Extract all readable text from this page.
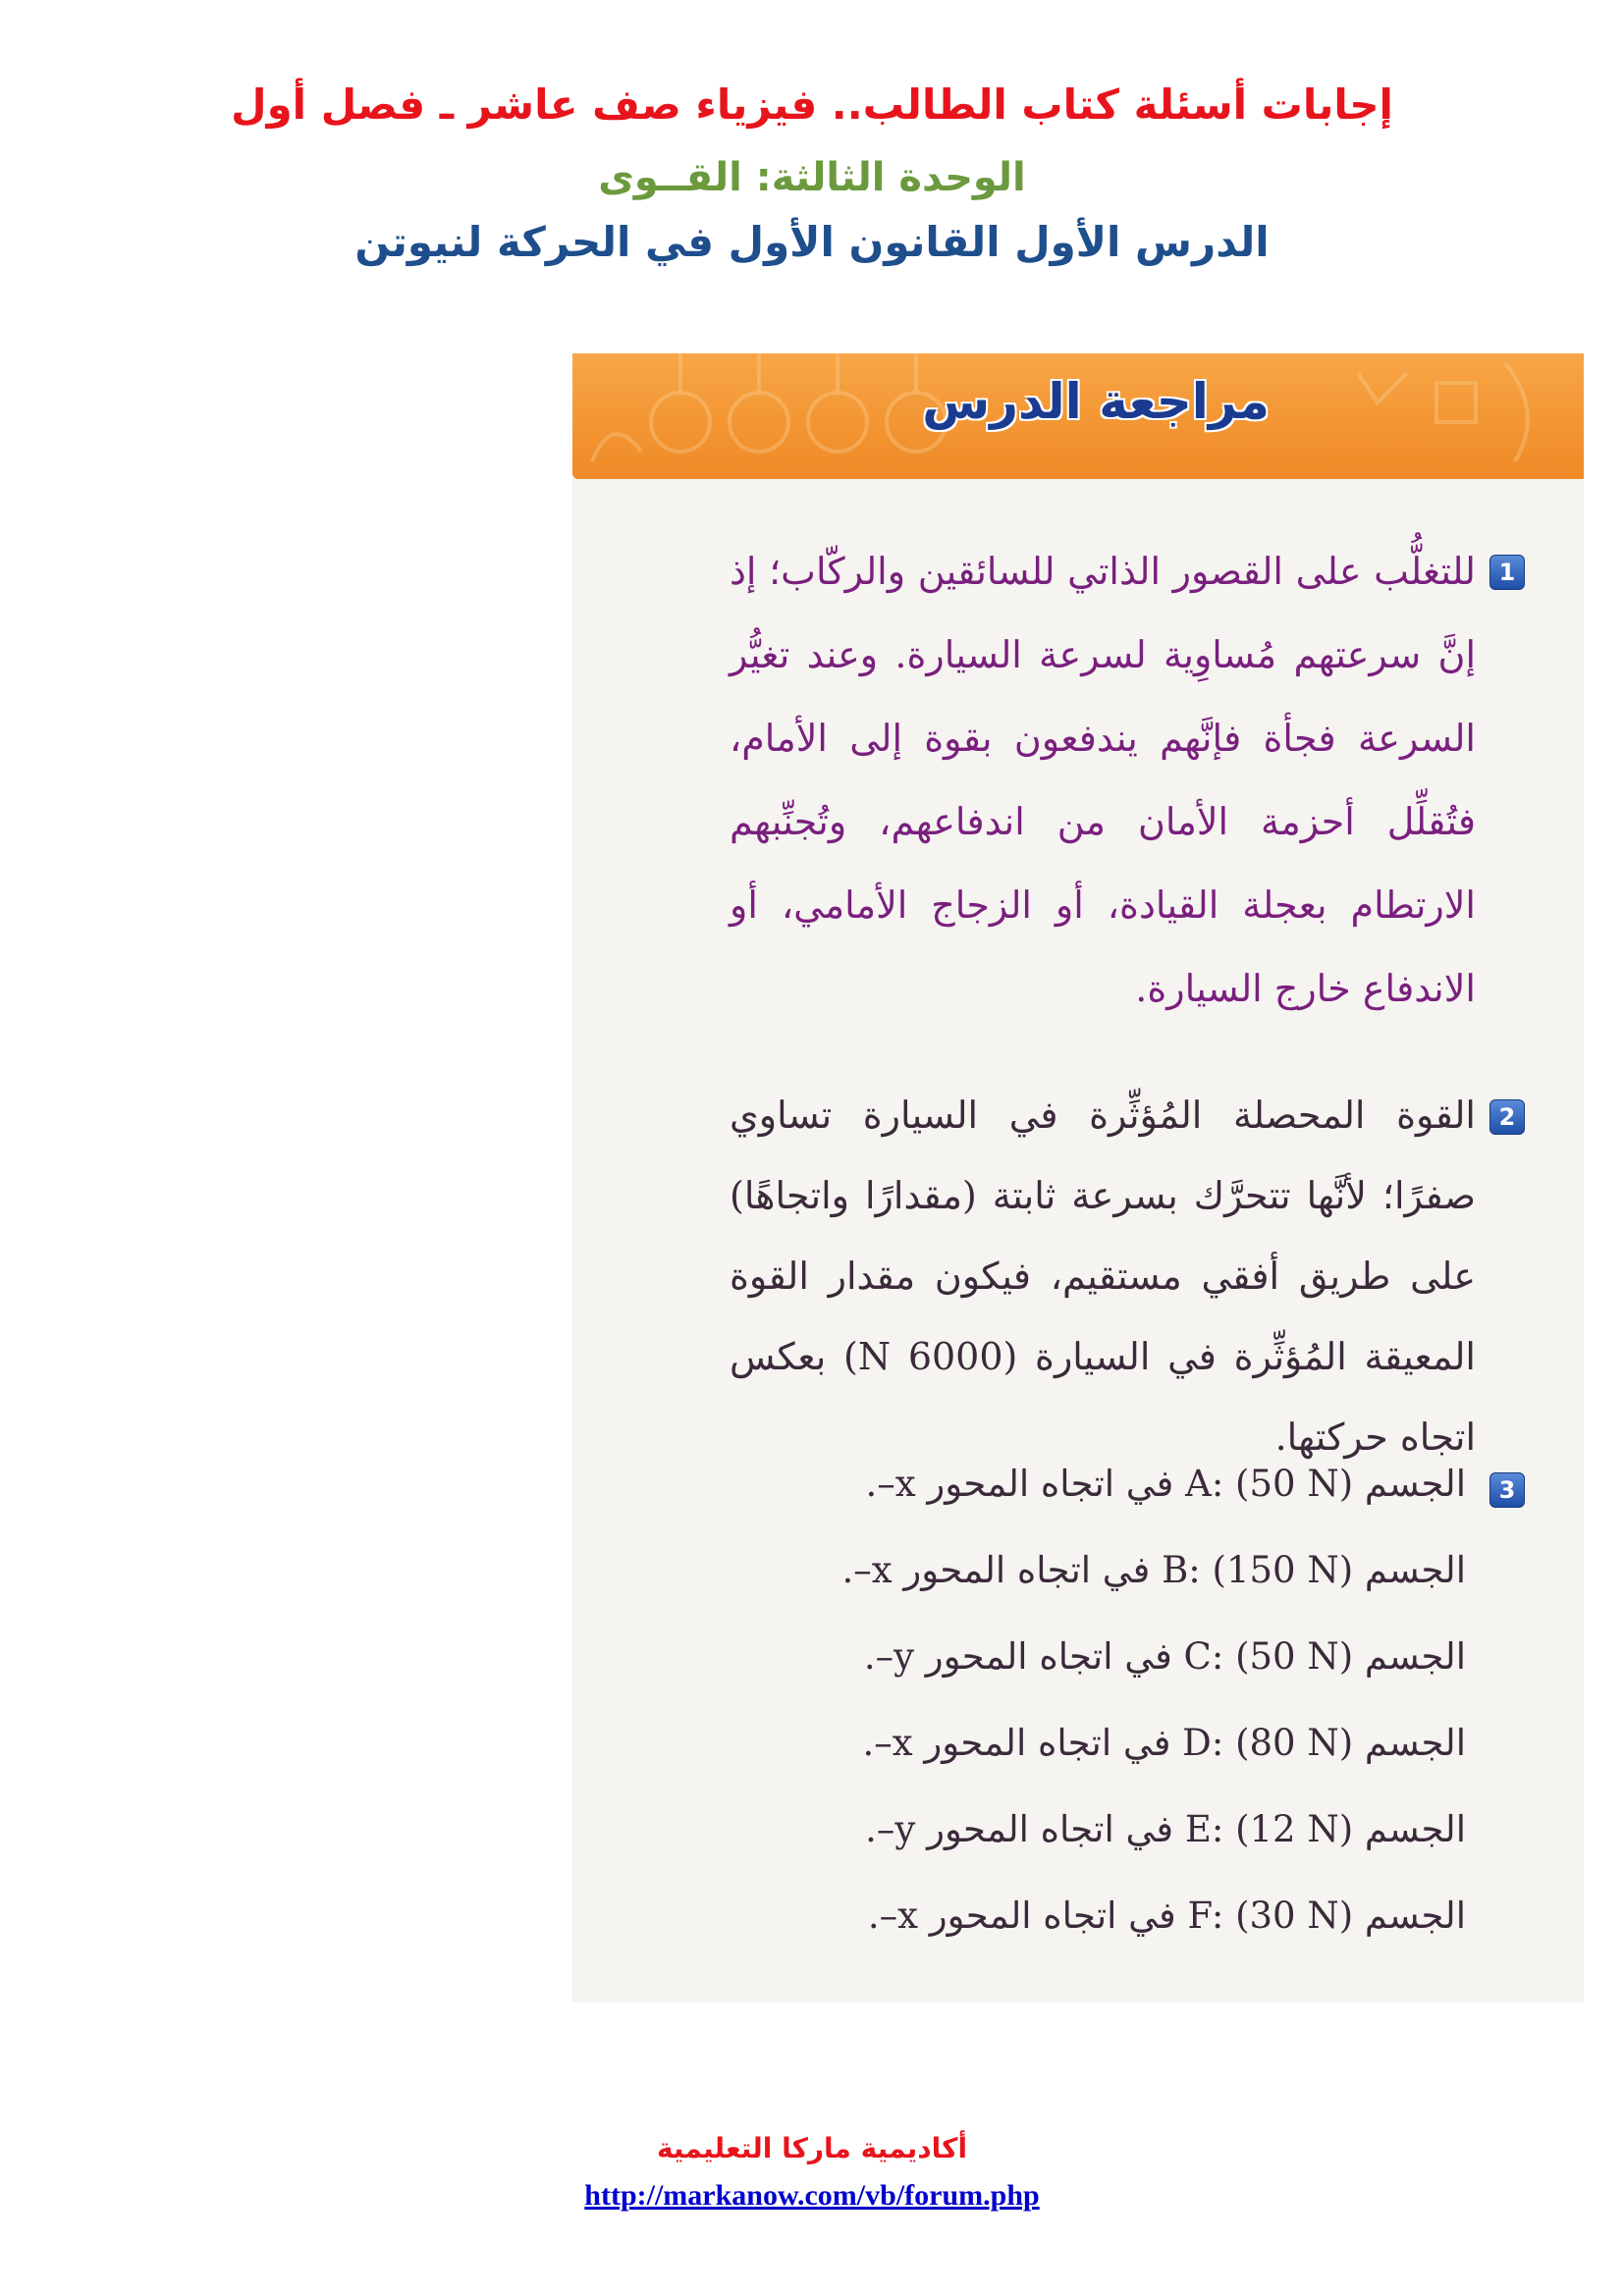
إجابات أسئلة كتاب الطالب.. فيزياء صف عاشر ـ فصل أول
الوحدة الثالثة: القــوى
الدرس الأول القانون الأول في الحركة لنيوتن
مراجعة الدرس
1
للتغلُّب على القصور الذاتي للسائقين والركّاب؛ إذ إنَّ سرعتهم مُساوِية لسرعة السيارة. وعند تغيُّر السرعة فجأة فإنَّهم يندفعون بقوة إلى الأمام، فتُقلِّل أحزمة الأمان من اندفاعهم، وتُجنِّبهم الارتطام بعجلة القيادة، أو الزجاج الأمامي، أو الاندفاع خارج السيارة.
2
القوة المحصلة المُؤثِّرة في السيارة تساوي صفرًا؛ لأنَّها تتحرَّك بسرعة ثابتة (مقدارًا واتجاهًا) على طريق أفقي مستقيم، فيكون مقدار القوة المعيقة المُؤثِّرة في السيارة (6000 N) بعكس اتجاه حركتها.
3
الجسم A: (50 N) في اتجاه المحور x–.
الجسم B: (150 N) في اتجاه المحور x–.
الجسم C: (50 N) في اتجاه المحور y–.
الجسم D: (80 N) في اتجاه المحور x–.
الجسم E: (12 N) في اتجاه المحور y–.
الجسم F: (30 N) في اتجاه المحور x–.
أكاديمية ماركا التعليمية
http://markanow.com/vb/forum.php
